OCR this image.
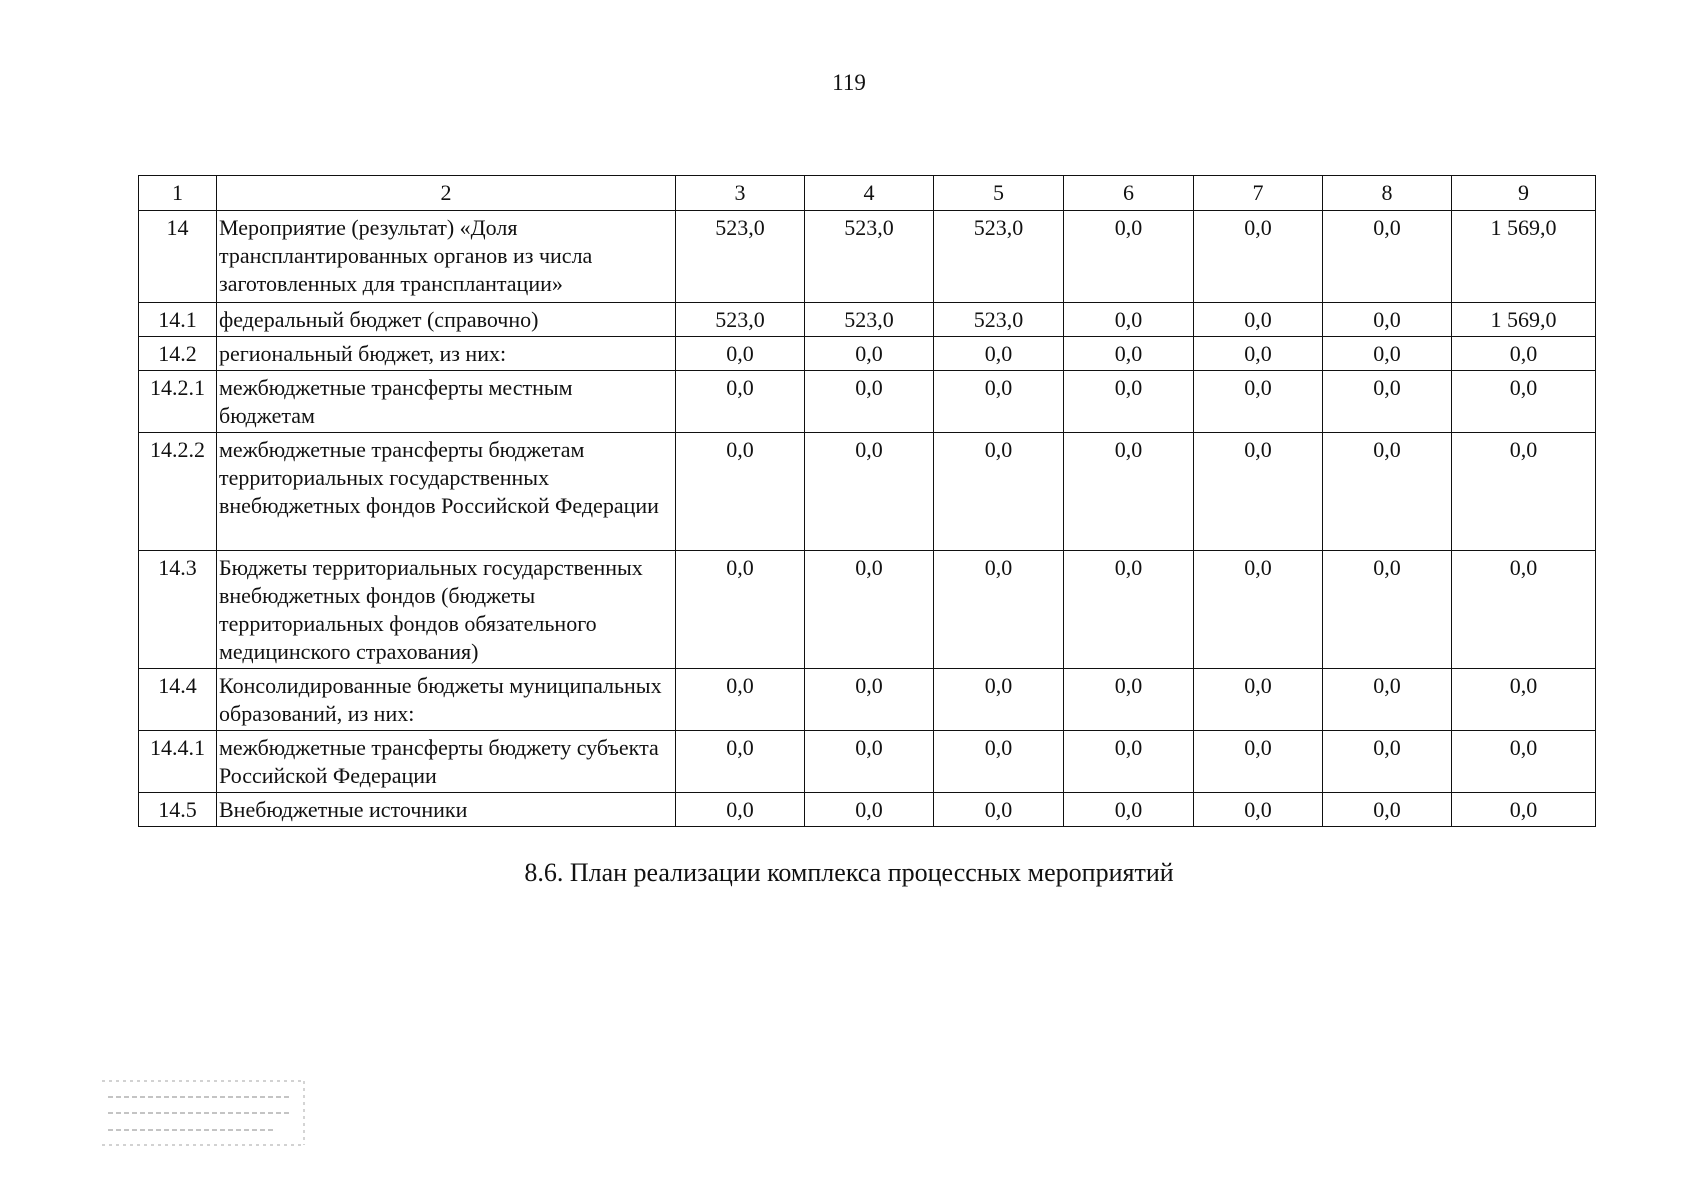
119
1	2	3	4	5	6	7	8	9
14	Мероприятие (результат) «Доля трансплантированных органов из числа заготовленных для трансплантации»	523,0	523,0	523,0	0,0	0,0	0,0	1 569,0
14.1	федеральный бюджет (справочно)	523,0	523,0	523,0	0,0	0,0	0,0	1 569,0
14.2	региональный бюджет, из них:	0,0	0,0	0,0	0,0	0,0	0,0	0,0
14.2.1	межбюджетные трансферты местным бюджетам	0,0	0,0	0,0	0,0	0,0	0,0	0,0
14.2.2	межбюджетные трансферты бюджетам территориальных государственных внебюджетных фондов Российской Федерации	0,0	0,0	0,0	0,0	0,0	0,0	0,0
14.3	Бюджеты территориальных государственных внебюджетных фондов (бюджеты территориальных фондов обязательного медицинского страхования)	0,0	0,0	0,0	0,0	0,0	0,0	0,0
14.4	Консолидированные бюджеты муниципальных образований, из них:	0,0	0,0	0,0	0,0	0,0	0,0	0,0
14.4.1	межбюджетные трансферты бюджету субъекта Российской Федерации	0,0	0,0	0,0	0,0	0,0	0,0	0,0
14.5	Внебюджетные источники	0,0	0,0	0,0	0,0	0,0	0,0	0,0
8.6. План реализации комплекса процессных мероприятий
